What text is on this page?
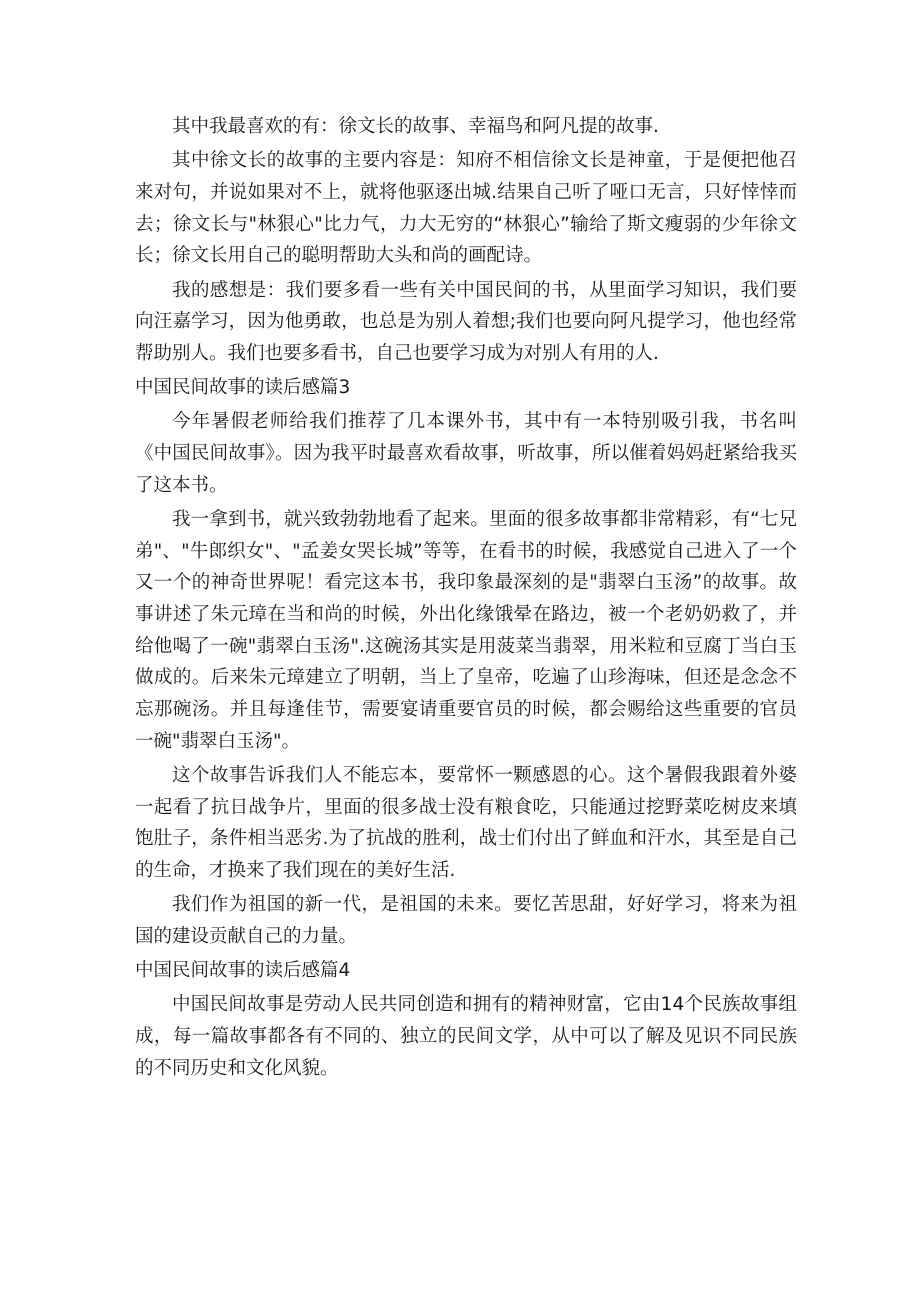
其中我最喜欢的有：徐文长的故事、幸福鸟和阿凡提的故事.

其中徐文长的故事的主要内容是：知府不相信徐文长是神童，于是便把他召来对句，并说如果对不上，就将他驱逐出城.结果自己听了哑口无言，只好悻悻而去；徐文长与"林狠心"比力气，力大无穷的“林狠心”输给了斯文瘦弱的少年徐文长；徐文长用自己的聪明帮助大头和尚的画配诗。

我的感想是：我们要多看一些有关中国民间的书，从里面学习知识，我们要向汪嘉学习，因为他勇敢，也总是为别人着想;我们也要向阿凡提学习，他也经常帮助别人。我们也要多看书，自己也要学习成为对别人有用的人.

中国民间故事的读后感篇3

今年暑假老师给我们推荐了几本课外书，其中有一本特别吸引我，书名叫《中国民间故事》。因为我平时最喜欢看故事，听故事，所以催着妈妈赶紧给我买了这本书。

我一拿到书，就兴致勃勃地看了起来。里面的很多故事都非常精彩，有“七兄弟"、"牛郎织女"、"孟姜女哭长城”等等，在看书的时候，我感觉自己进入了一个又一个的神奇世界呢！看完这本书，我印象最深刻的是"翡翠白玉汤”的故事。故事讲述了朱元璋在当和尚的时候，外出化缘饿晕在路边，被一个老奶奶救了，并给他喝了一碗"翡翠白玉汤".这碗汤其实是用菠菜当翡翠，用米粒和豆腐丁当白玉做成的。后来朱元璋建立了明朝，当上了皇帝，吃遍了山珍海味，但还是念念不忘那碗汤。并且每逢佳节，需要宴请重要官员的时候，都会赐给这些重要的官员一碗"翡翠白玉汤"。

这个故事告诉我们人不能忘本，要常怀一颗感恩的心。这个暑假我跟着外婆一起看了抗日战争片，里面的很多战士没有粮食吃，只能通过挖野菜吃树皮来填饱肚子，条件相当恶劣.为了抗战的胜利，战士们付出了鲜血和汗水，其至是自己的生命，才换来了我们现在的美好生活.

我们作为祖国的新一代，是祖国的未来。要忆苦思甜，好好学习，将来为祖国的建设贡献自己的力量。

中国民间故事的读后感篇4

中国民间故事是劳动人民共同创造和拥有的精神财富，它由14个民族故事组成，每一篇故事都各有不同的、独立的民间文学，从中可以了解及见识不同民族的不同历史和文化风貌。
